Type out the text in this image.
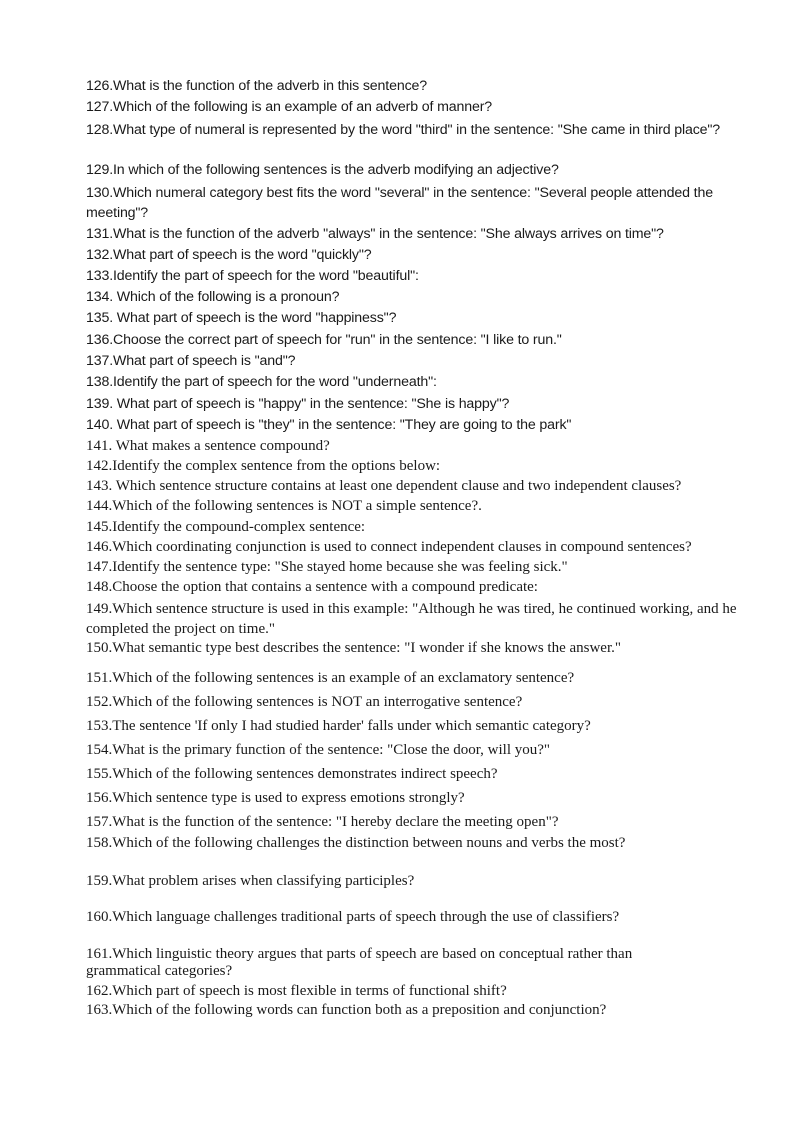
126.What is the function of the adverb in this sentence?
127.Which of the following is an example of an adverb of manner?
128.What type of numeral is represented by the word "third" in the sentence: "She came in third place"?
129.In which of the following sentences is the adverb modifying an adjective?
130.Which numeral category best fits the word "several" in the sentence: "Several people attended the meeting"?
131.What is the function of the adverb "always" in the sentence: "She always arrives on time"?
132.What part of speech is the word "quickly"?
133.Identify the part of speech for the word "beautiful":
134. Which of the following is a pronoun?
135. What part of speech is the word "happiness"?
136.Choose the correct part of speech for "run" in the sentence: "I like to run."
137.What part of speech is "and"?
138.Identify the part of speech for the word "underneath":
139. What part of speech is "happy" in the sentence: "She is happy"?
140. What part of speech is "they" in the sentence: "They are going to the park"
141. What makes a sentence compound?
142.Identify the complex sentence from the options below:
143. Which sentence structure contains at least one dependent clause and two independent clauses?
144.Which of the following sentences is NOT a simple sentence?.
145.Identify the compound-complex sentence:
146.Which coordinating conjunction is used to connect independent clauses in compound sentences?
147.Identify the sentence type: "She stayed home because she was feeling sick."
148.Choose the option that contains a sentence with a compound predicate:
149.Which sentence structure is used in this example: "Although he was tired, he continued working, and he completed the project on time."
150.What semantic type best describes the sentence: "I wonder if she knows the answer."
151.Which of the following sentences is an example of an exclamatory sentence?
152.Which of the following sentences is NOT an interrogative sentence?
153.The sentence 'If only I had studied harder' falls under which semantic category?
154.What is the primary function of the sentence: "Close the door, will you?"
155.Which of the following sentences demonstrates indirect speech?
156.Which sentence type is used to express emotions strongly?
157.What is the function of the sentence: "I hereby declare the meeting open"?
158.Which of the following challenges the distinction between nouns and verbs the most?
159.What problem arises when classifying participles?
160.Which language challenges traditional parts of speech through the use of classifiers?
161.Which linguistic theory argues that parts of speech are based on conceptual rather than grammatical categories?
162.Which part of speech is most flexible in terms of functional shift?
163.Which of the following words can function both as a preposition and conjunction?
